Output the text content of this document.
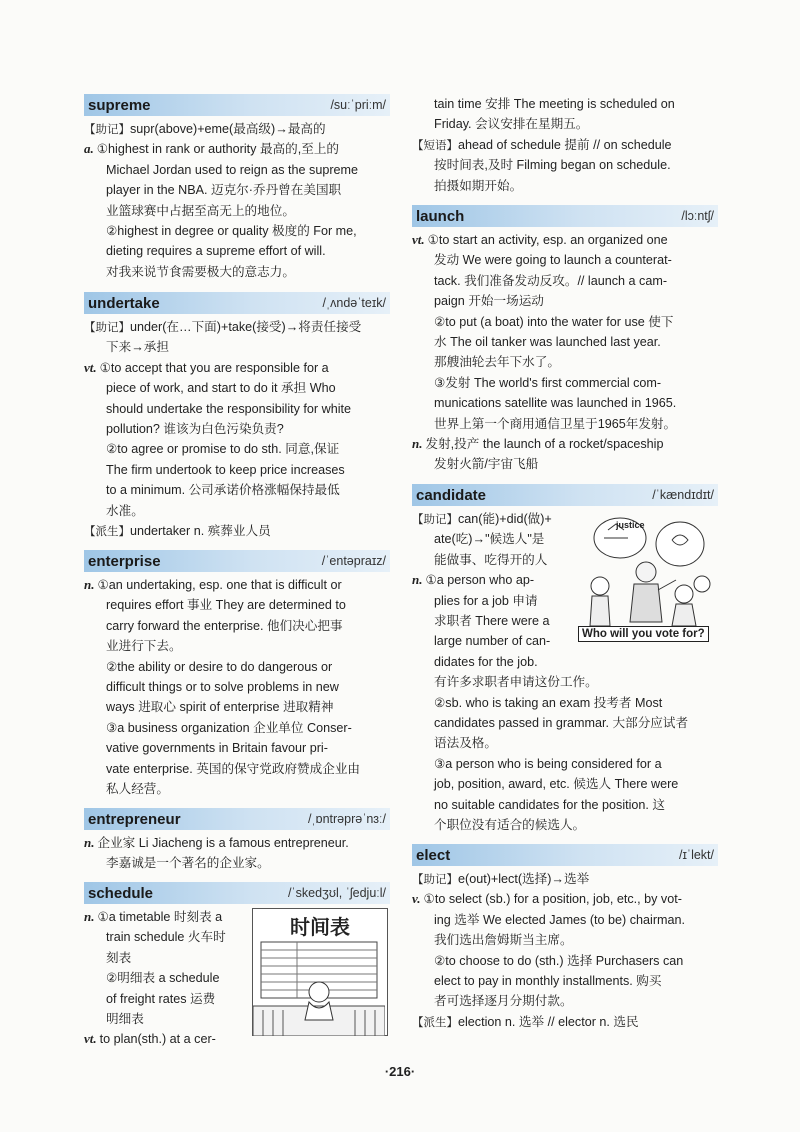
supreme	/suːˈpriːm/

【助记】supr(above)+eme(最高级)→最高的

a. ①highest in rank or authority 最高的,至上的

Michael Jordan used to reign as the supreme

player in the NBA. 迈克尔·乔丹曾在美国职

业篮球赛中占据至高无上的地位。

②highest in degree or quality 极度的 For me,

dieting requires a supreme effort of will.

对我来说节食需要极大的意志力。

undertake	/ˌʌndəˈteɪk/

【助记】under(在…下面)+take(接受)→将责任接受

下来→承担

vt. ①to accept that you are responsible for a

piece of work, and start to do it 承担 Who

should undertake the responsibility for white

pollution? 谁该为白色污染负责?

②to agree or promise to do sth. 同意,保证

The firm undertook to keep price increases

to a minimum. 公司承诺价格涨幅保持最低

水准。

【派生】undertaker n. 殡葬业人员

enterprise	/ˈentəpraɪz/

n. ①an undertaking, esp. one that is difficult or

requires effort 事业 They are determined to

carry forward the enterprise. 他们决心把事

业进行下去。

②the ability or desire to do dangerous or

difficult things or to solve problems in new

ways 进取心 spirit of enterprise 进取精神

③a business organization 企业单位 Conser-

vative governments in Britain favour pri-

vate enterprise. 英国的保守党政府赞成企业由

私人经营。

entrepreneur	/ˌɒntrəprəˈnɜː/

n. 企业家 Li Jiacheng is a famous entrepreneur.

李嘉诚是一个著名的企业家。

schedule	/ˈskedʒʊl, ˈʃedjuːl/

n. ①a timetable 时刻表 a

train schedule 火车时

刻表

②明细表 a schedule

of freight rates 运费

明细表

vt. to plan(sth.) at a cer-

时间表

tain time 安排 The meeting is scheduled on

Friday. 会议安排在星期五。

【短语】ahead of schedule 提前 // on schedule

按时间表,及时 Filming began on schedule.

拍摄如期开始。

launch	/lɔːntʃ/

vt. ①to start an activity, esp. an organized one

发动 We were going to launch a counterat-

tack. 我们准备发动反攻。// launch a cam-

paign 开始一场运动

②to put (a boat) into the water for use 使下

水 The oil tanker was launched last year.

那艘油轮去年下水了。

③发射 The world's first commercial com-

munications satellite was launched in 1965.

世界上第一个商用通信卫星于1965年发射。

n. 发射,投产 the launch of a rocket/spaceship

发射火箭/宇宙飞船

candidate	/ˈkændɪdɪt/

【助记】can(能)+did(做)+

ate(吃)→"候选人"是

能做事、吃得开的人

n. ①a person who ap-

plies for a job 申请

求职者 There were a

large number of can-

didates for the job.

有许多求职者申请这份工作。

②sb. who is taking an exam 投考者 Most

candidates passed in grammar. 大部分应试者

语法及格。

③a person who is being considered for a

job, position, award, etc. 候选人 There were

no suitable candidates for the position. 这

个职位没有适合的候选人。

justice
Who will you vote for?
elect	/ɪˈlekt/

【助记】e(out)+lect(选择)→选举

v. ①to select (sb.) for a position, job, etc., by vot-

ing 选举 We elected James (to be) chairman.

我们选出詹姆斯当主席。

②to choose to do (sth.) 选择 Purchasers can

elect to pay in monthly installments. 购买

者可选择逐月分期付款。

【派生】election n. 选举 // elector n. 选民

·216·
